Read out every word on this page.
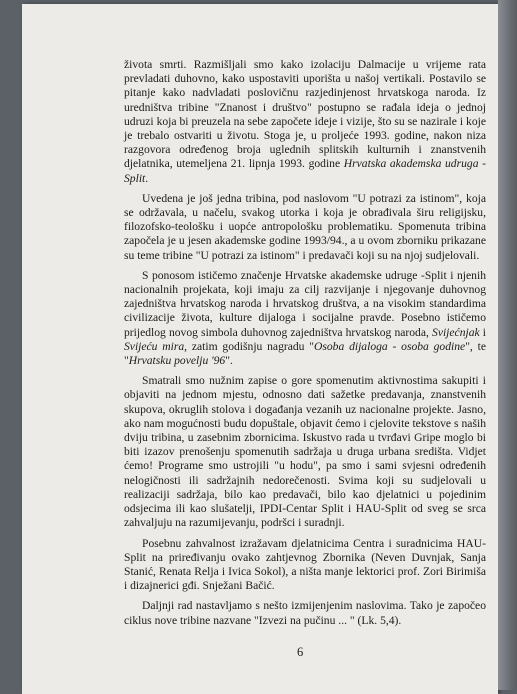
života smrti. Razmišljali smo kako izolaciju Dalmacije u vrijeme rata prevladati duhovno, kako uspostaviti uporišta u našoj vertikali. Postavilo se pitanje kako nadvladati poslovičnu razjedinjenost hrvatskoga naroda. Iz uredništva tribine "Znanost i društvo" postupno se rađala ideja o jednoj udruzi koja bi preuzela na sebe započete ideje i vizije, što su se nazirale i koje je trebalo ostvariti u životu. Stoga je, u proljeće 1993. godine, nakon niza razgovora određenog broja uglednih splitskih kulturnih i znanstvenih djelatnika, utemeljena 21. lipnja 1993. godine Hrvatska akademska udruga - Split.

Uvedena je još jedna tribina, pod naslovom "U potrazi za istinom", koja se održavala, u načelu, svakog utorka i koja je obrađivala širu religijsku, filozofsko-teološku i uopće antropološku problematiku. Spomenuta tribina započela je u jesen akademske godine 1993/94., a u ovom zborniku prikazane su teme tribine "U potrazi za istinom" i predavači koji su na njoj sudjelovali.

S ponosom ističemo značenje Hrvatske akademske udruge -Split i njenih nacionalnih projekata, koji imaju za cilj razvijanje i njegovanje duhovnog zajedništva hrvatskog naroda i hrvatskog društva, a na visokim standardima civilizacije života, kulture dijaloga i socijalne pravde. Posebno ističemo prijedlog novog simbola duhovnog zajedništva hrvatskog naroda, Svijećnjak i Svijeću mira, zatim godišnju nagradu "Osoba dijaloga - osoba godine", te "Hrvatsku povelju '96".

Smatrali smo nužnim zapise o gore spomenutim aktivnostima sakupiti i objaviti na jednom mjestu, odnosno dati sažetke predavanja, znanstvenih skupova, okruglih stolova i događanja vezanih uz nacionalne projekte. Jasno, ako nam mogućnosti budu dopuštale, objavit ćemo i cjelovite tekstove s naših dviju tribina, u zasebnim zbornicima. Iskustvo rada u tvrđavi Gripe moglo bi biti izazov prenošenju spomenutih sadržaja u druga urbana središta. Vidjet ćemo! Programe smo ustrojili "u hodu", pa smo i sami svjesni određenih nelogičnosti ili sadržajnih nedorečenosti. Svima koji su sudjelovali u realizaciji sadržaja, bilo kao predavači, bilo kao djelatnici u pojedinim odsjecima ili kao slušatelji, IPDI-Centar Split i HAU-Split od sveg se srca zahvaljuju na razumijevanju, podršci i suradnji.

Posebnu zahvalnost izražavam djelatnicima Centra i suradnicima HAU-Split na priređivanju ovako zahtjevnog Zbornika (Neven Duvnjak, Sanja Stanić, Renata Relja i Ivica Sokol), a ništa manje lektorici prof. Zori Birimiša i dizajnerici gđi. Snježani Bačić.

Daljnji rad nastavljamo s nešto izmijenjenim naslovima. Tako je započeo ciklus nove tribine nazvane "Izvezi na pučinu ... " (Lk. 5,4).

6
